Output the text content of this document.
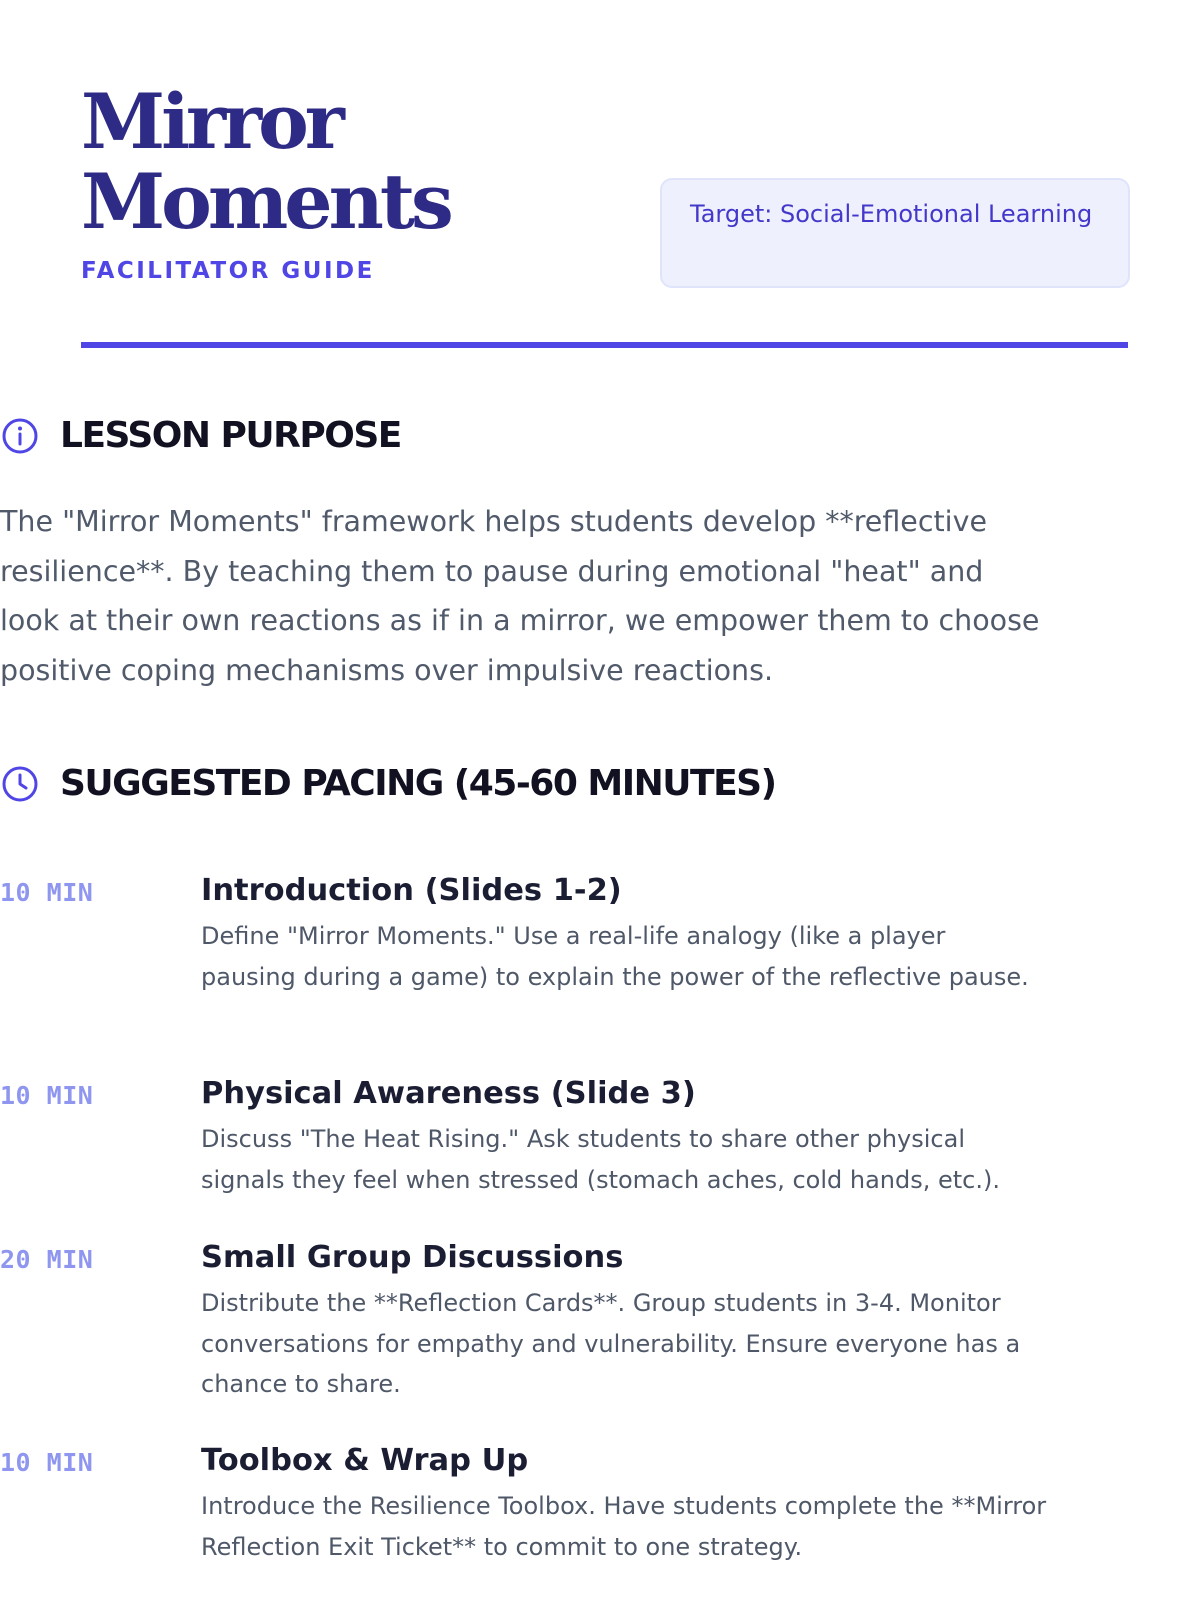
Mirror
Moments
FACILITATOR GUIDE
Target: Social-Emotional Learning
LESSON PURPOSE

The "Mirror Moments" framework helps students develop **reflective resilience**. By teaching them to pause during emotional "heat" and look at their own reactions as if in a mirror, we empower them to choose positive coping mechanisms over impulsive reactions.

SUGGESTED PACING (45-60 MINUTES)
10 MIN	Introduction (Slides 1-2)

Define "Mirror Moments." Use a real-life analogy (like a player pausing during a game) to explain the power of the reflective pause.

10 MIN	Physical Awareness (Slide 3)

Discuss "The Heat Rising." Ask students to share other physical signals they feel when stressed (stomach aches, cold hands, etc.).

20 MIN	Small Group Discussions

Distribute the **Reflection Cards**. Group students in 3-4. Monitor conversations for empathy and vulnerability. Ensure everyone has a chance to share.

10 MIN	Toolbox & Wrap Up

Introduce the Resilience Toolbox. Have students complete the **Mirror Reflection Exit Ticket** to commit to one strategy.
